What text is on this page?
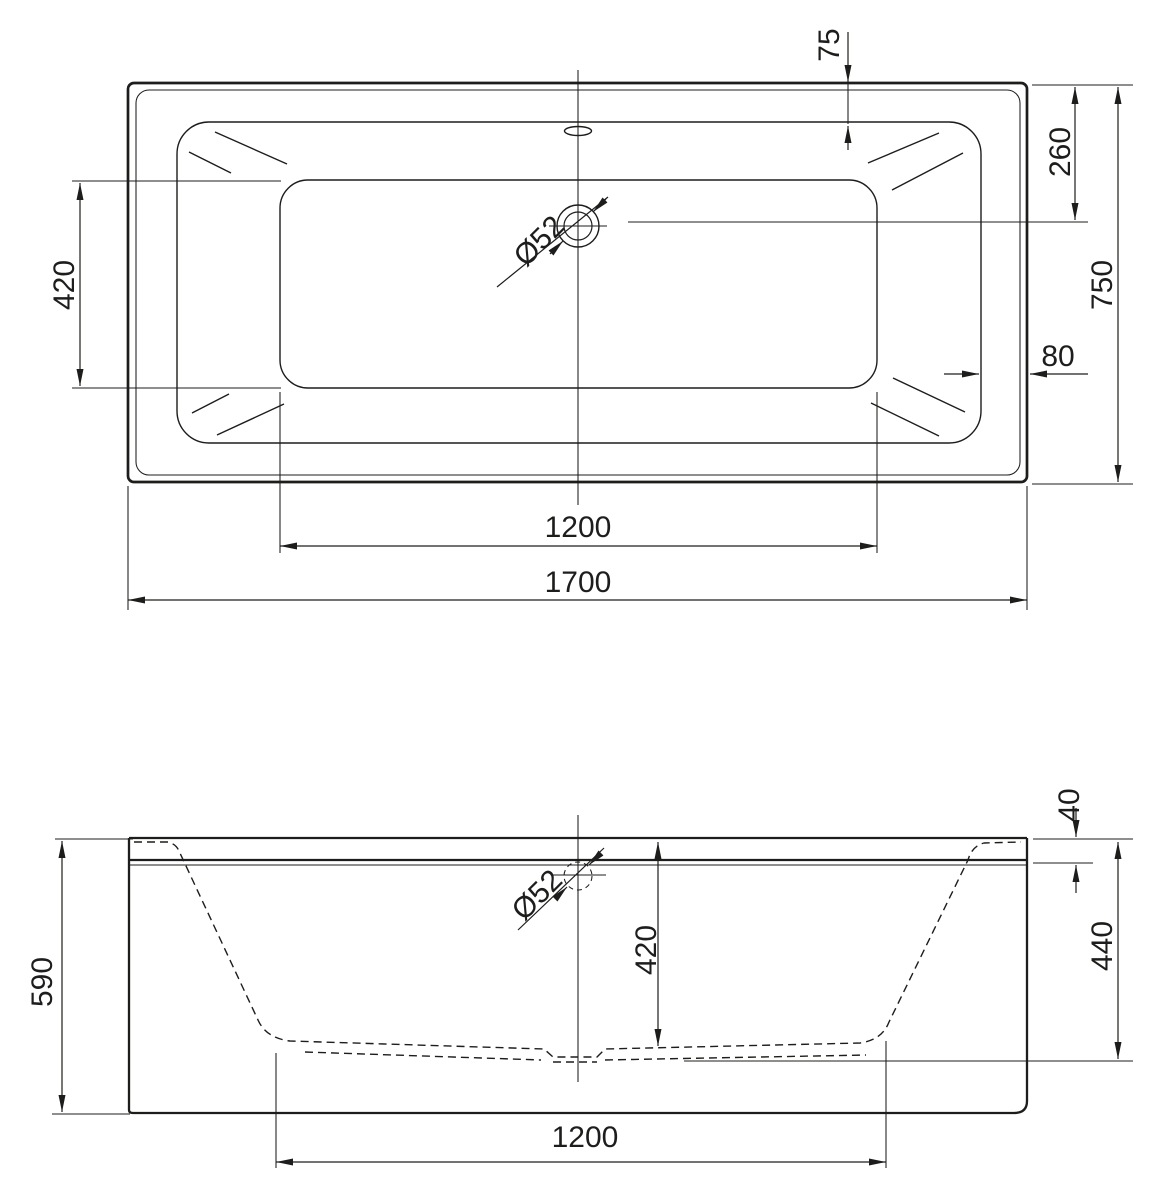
Ø52
75
260
750
80
420
1200
1700
Ø52
590
40
440
420
1200
